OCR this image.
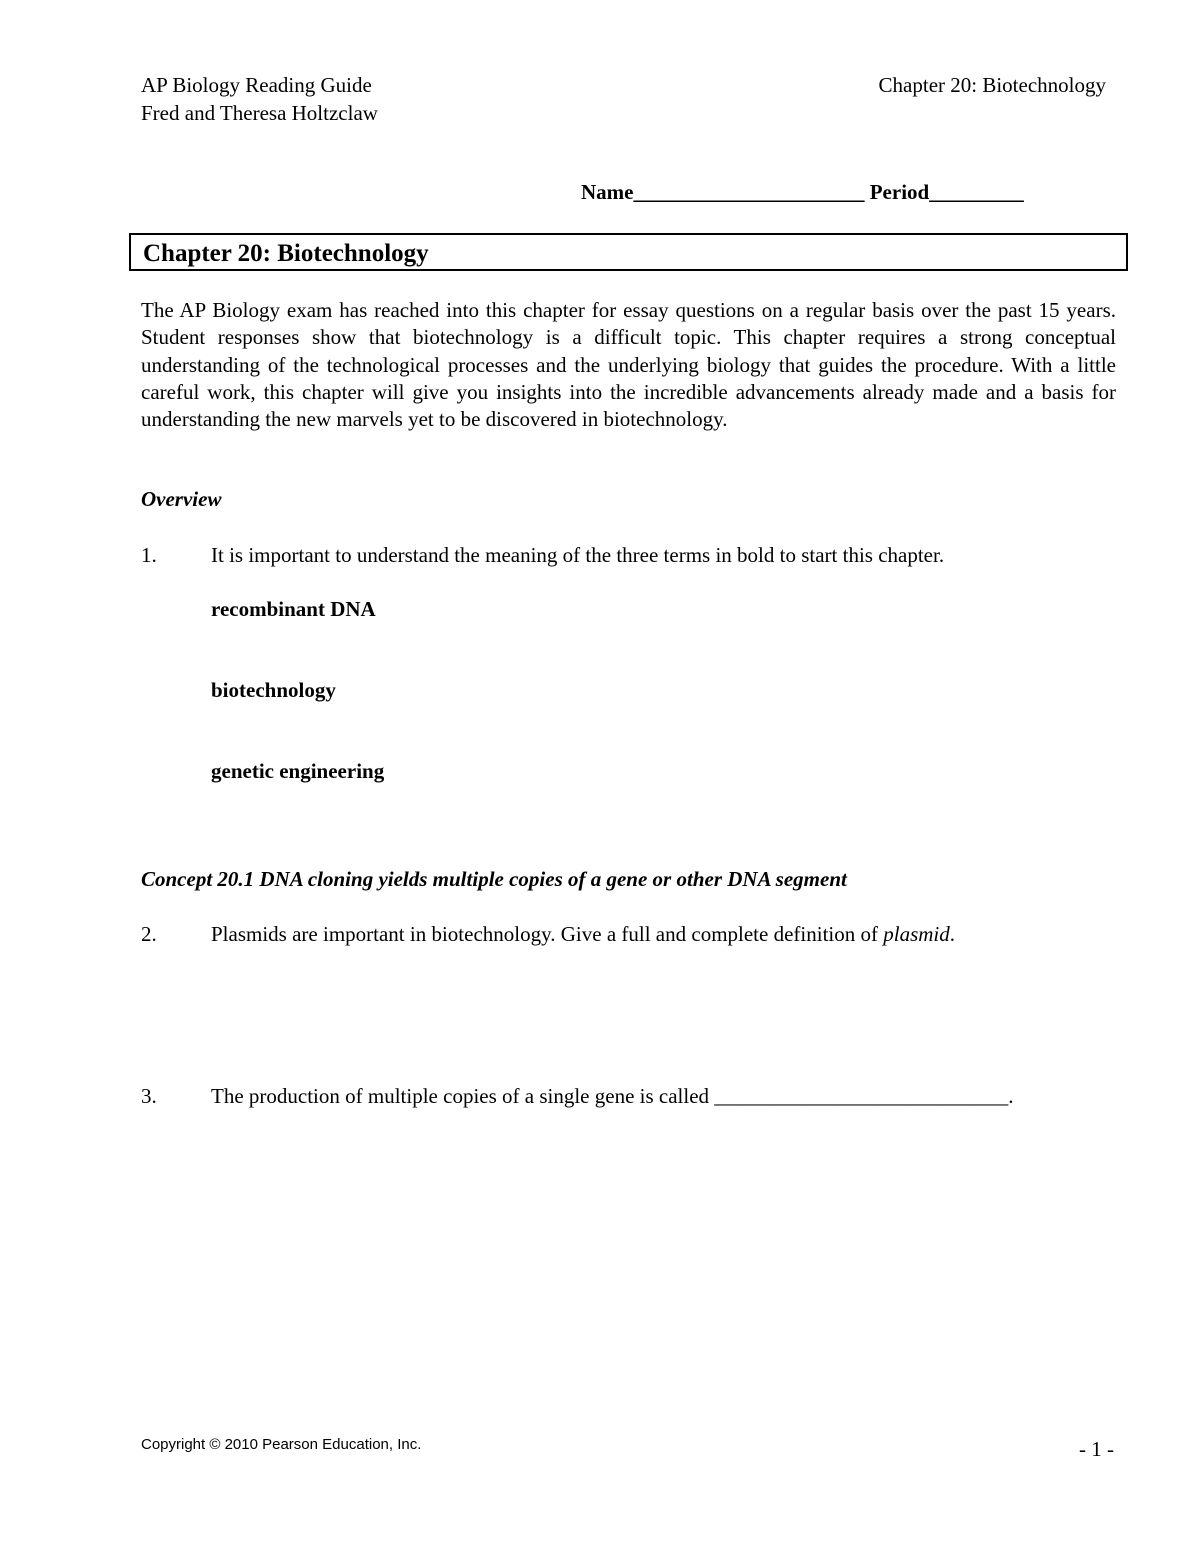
AP Biology Reading Guide
Fred and Theresa Holtzclaw
Chapter 20: Biotechnology
Name______________________ Period_________
Chapter 20: Biotechnology
The AP Biology exam has reached into this chapter for essay questions on a regular basis over the past 15 years. Student responses show that biotechnology is a difficult topic. This chapter requires a strong conceptual understanding of the technological processes and the underlying biology that guides the procedure. With a little careful work, this chapter will give you insights into the incredible advancements already made and a basis for understanding the new marvels yet to be discovered in biotechnology.
Overview
1.	It is important to understand the meaning of the three terms in bold to start this chapter.
recombinant DNA
biotechnology
genetic engineering
Concept 20.1 DNA cloning yields multiple copies of a gene or other DNA segment
2.	Plasmids are important in biotechnology. Give a full and complete definition of plasmid.
3.	The production of multiple copies of a single gene is called ____________________________.
Copyright © 2010 Pearson Education, Inc.	- 1 -
